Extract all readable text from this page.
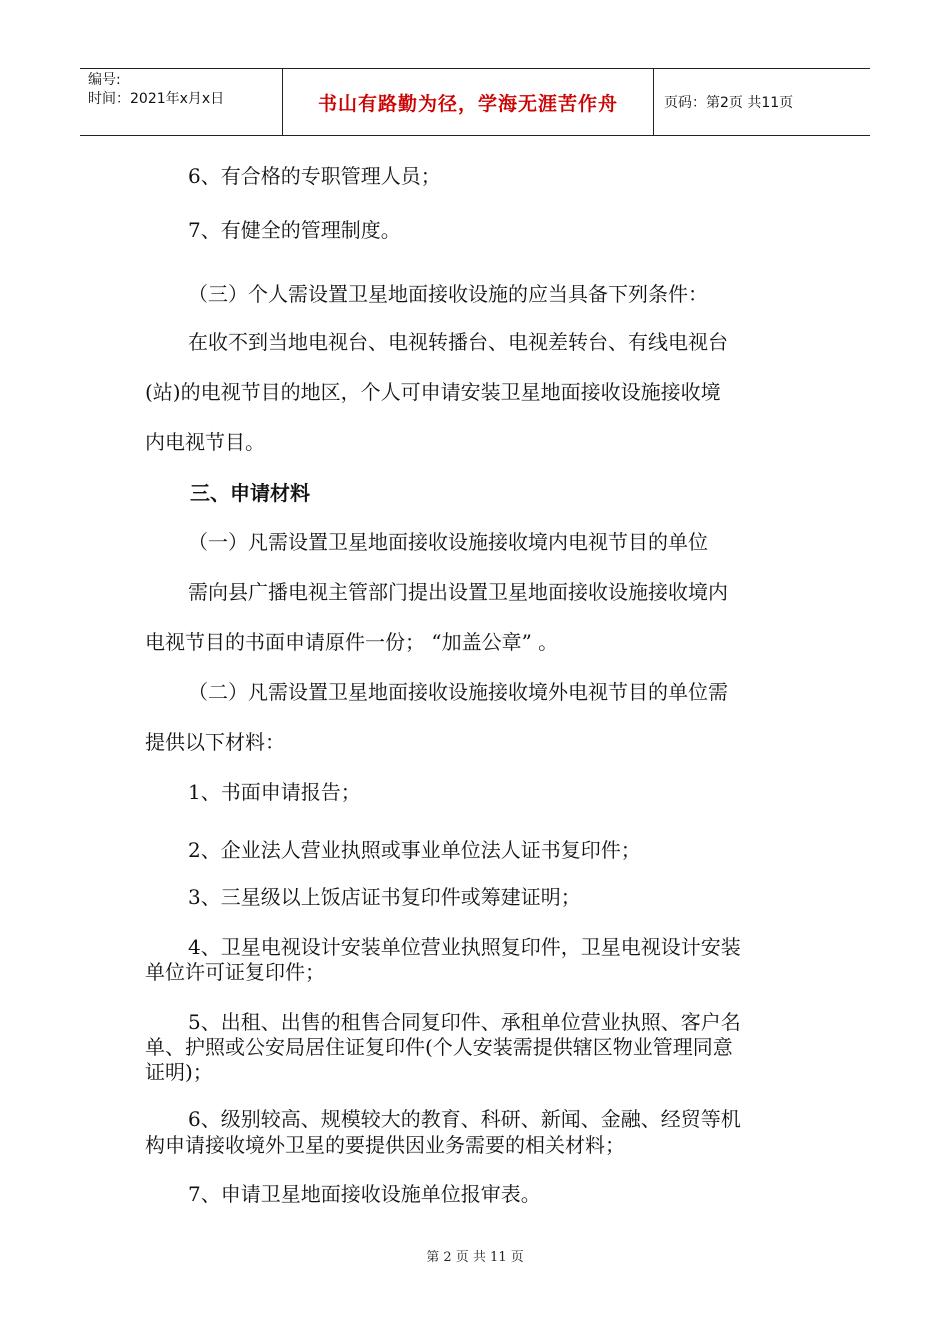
编号:
时间：2021年x月x日	书山有路勤为径，学海无涯苦作舟	页码：第2页 共11页
6、有合格的专职管理人员；
7、有健全的管理制度。
（三）个人需设置卫星地面接收设施的应当具备下列条件：
在收不到当地电视台、电视转播台、电视差转台、有线电视台
(站)的电视节目的地区，个人可申请安装卫星地面接收设施接收境
内电视节目。
三、申请材料
（一）凡需设置卫星地面接收设施接收境内电视节目的单位
需向县广播电视主管部门提出设置卫星地面接收设施接收境内
电视节目的书面申请原件一份； “加盖公章” 。
（二）凡需设置卫星地面接收设施接收境外电视节目的单位需
提供以下材料：
1、书面申请报告；
2、企业法人营业执照或事业单位法人证书复印件；
3、三星级以上饭店证书复印件或筹建证明；
4、卫星电视设计安装单位营业执照复印件，卫星电视设计安装
单位许可证复印件；
5、出租、出售的租售合同复印件、承租单位营业执照、客户名
单、护照或公安局居住证复印件(个人安装需提供辖区物业管理同意
证明)；
6、级别较高、规模较大的教育、科研、新闻、金融、经贸等机
构申请接收境外卫星的要提供因业务需要的相关材料；
7、申请卫星地面接收设施单位报审表。
第 2 页 共 11 页
